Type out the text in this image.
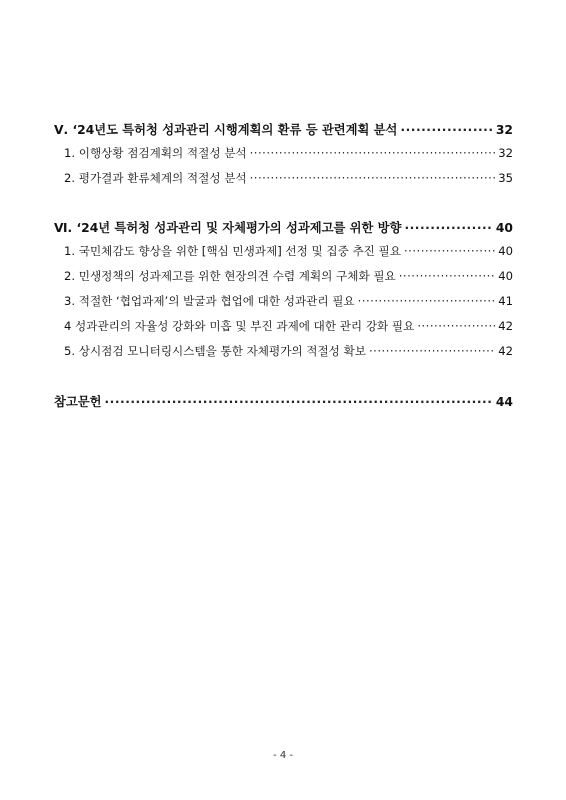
Ⅴ. ‘24년도 특허청 성과관리 시행계획의 환류 등 관련계획 분석 ·····	32
1. 이행상황 점검계획의 적절성 분석 ·····	32
2. 평가결과 환류체계의 적절성 분석 ·····	35
Ⅵ. ‘24년 특허청 성과관리 및 자체평가의 성과제고를 위한 방향 ·····	40
1. 국민체감도 향상을 위한 [핵심 민생과제] 선정 및 집중 추진 필요 ·····	40
2. 민생정책의 성과제고를 위한 현장의견 수렴 계획의 구체화 필요 ·····	40
3. 적절한 ‘협업과제’의 발굴과 협업에 대한 성과관리 필요 ·····	41
4 성과관리의 자율성 강화와 미흡 및 부진 과제에 대한 관리 강화 필요 ·····	42
5. 상시점검 모니터링시스템을 통한 자체평가의 적절성 확보 ·····	42
참고문헌 ·····	44
- 4 -
